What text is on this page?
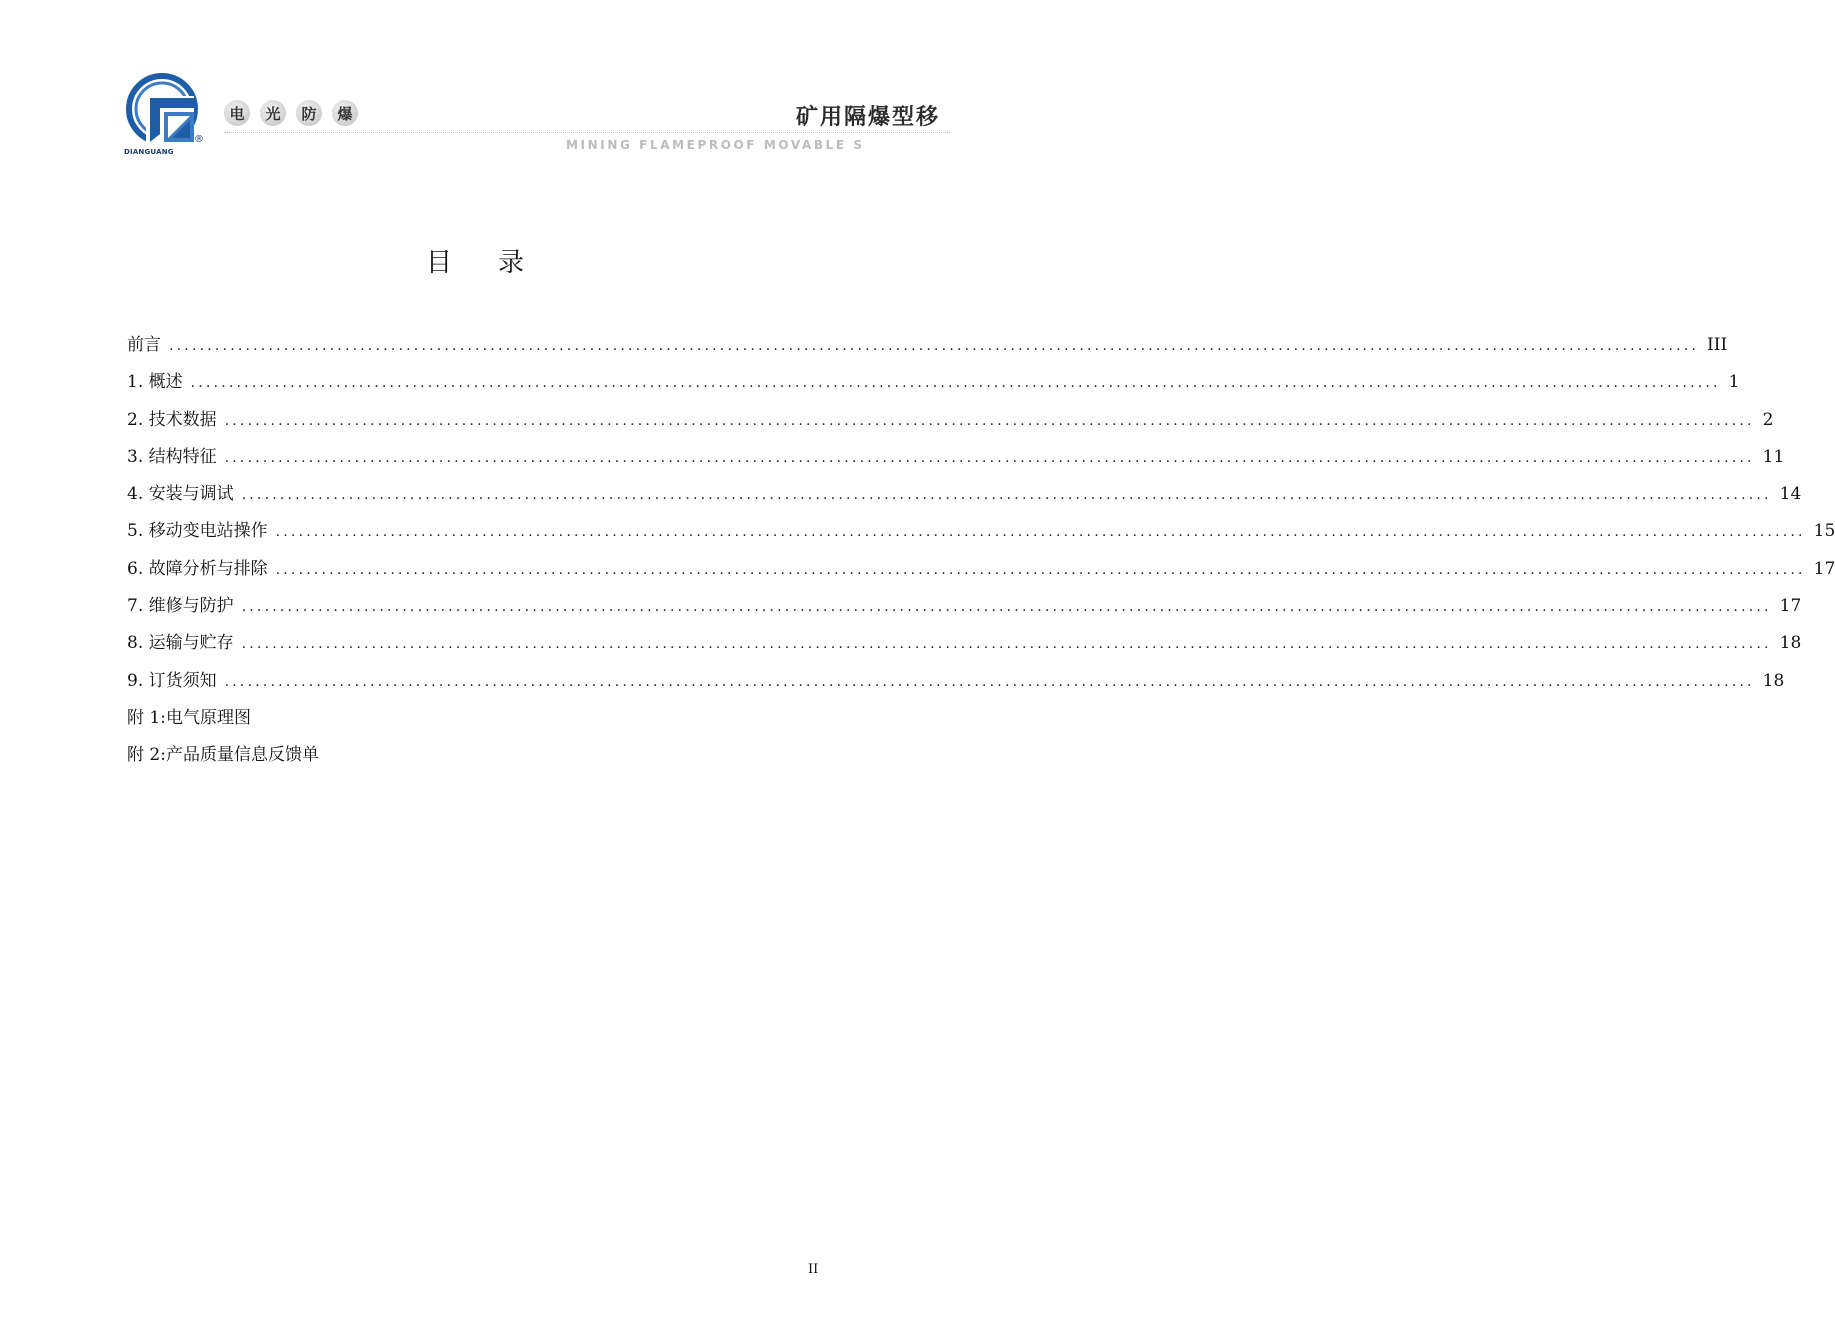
®
DIANGUANG
电	光	防	爆	矿用隔爆型移
MINING FLAMEPROOF MOVABLE S
目录
前言 ........................................................................................................................................................................................................ III
1. 概述 ........................................................................................................................................................................................................ 1
2. 技术数据 ........................................................................................................................................................................................................ 2
3. 结构特征 ........................................................................................................................................................................................................ 11
4. 安装与调试 ........................................................................................................................................................................................................ 14
5. 移动变电站操作 ........................................................................................................................................................................................................ 15
6. 故障分析与排除 ........................................................................................................................................................................................................ 17
7. 维修与防护 ........................................................................................................................................................................................................ 17
8. 运输与贮存 ........................................................................................................................................................................................................ 18
9. 订货须知 ........................................................................................................................................................................................................ 18
附 1:电气原理图
附 2:产品质量信息反馈单
II
